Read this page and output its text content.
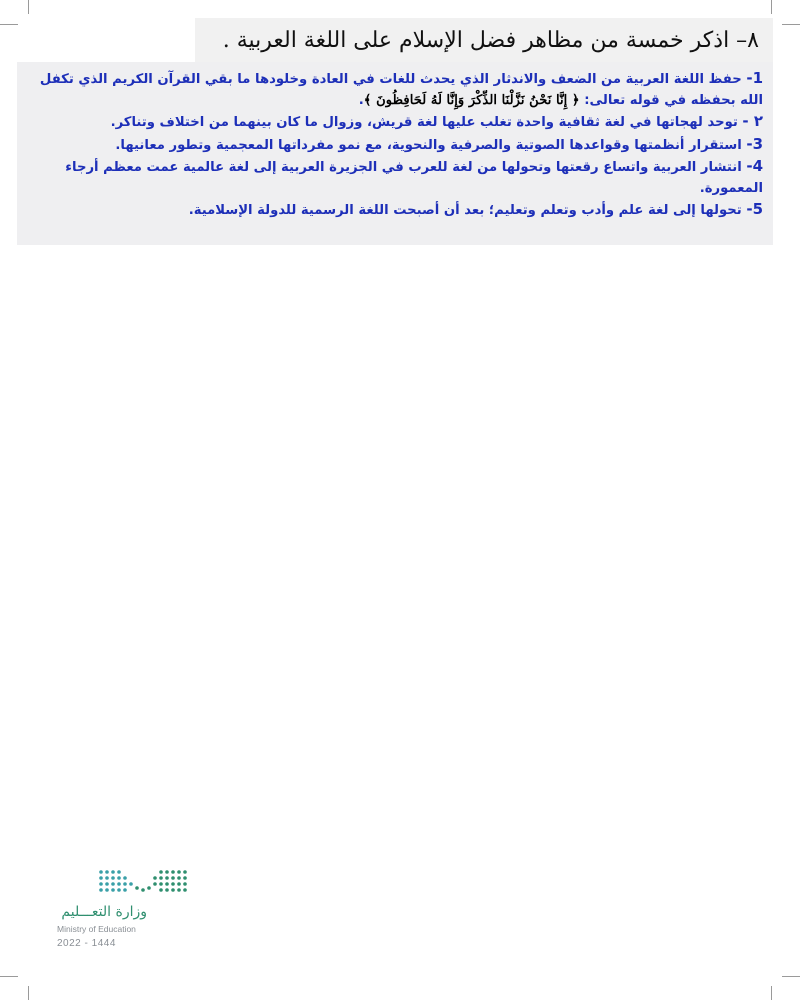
٨– اذكر خمسة من مظاهر فضل الإسلام على اللغة العربية .

1- حفظ اللغة العربية من الضعف والاندثار الذي يحدث للغات في العادة وخلودها ما بقي القرآن الكريم الذي تكفل الله بحفظه في قوله تعالى: ﴿ إِنَّا نَحْنُ نَزَّلْنَا الذِّكْرَ وَإِنَّا لَهُ لَحَافِظُونَ ﴾.

٢ - توحد لهجاتها في لغة ثقافية واحدة تغلب عليها لغة قريش، وزوال ما كان بينهما من اختلاف وتناكر.

3- استقرار أنظمتها وقواعدها الصوتية والصرفية والنحوية، مع نمو مفرداتها المعجمية وتطور معانيها.

4- انتشار العربية واتساع رقعتها وتحولها من لغة للعرب في الجزيرة العربية إلى لغة عالمية عمت معظم أرجاء المعمورة.

5- تحولها إلى لغة علم وأدب وتعلم وتعليم؛ بعد أن أصبحت اللغة الرسمية للدولة الإسلامية.

وزارة التعـــليم
Ministry of Education
2022 - 1444
